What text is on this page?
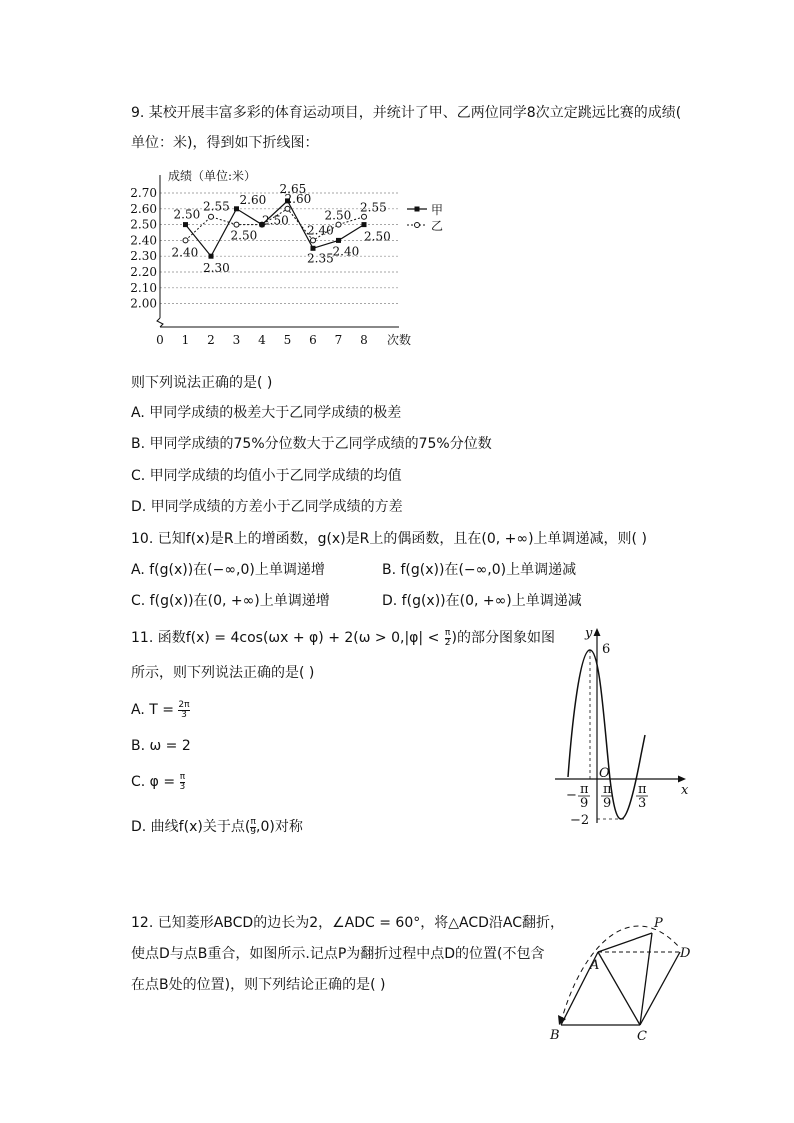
9. 某校开展丰富多彩的体育运动项目，并统计了甲、乙两位同学8次立定跳远比赛的成绩(
单位：米)，得到如下折线图：
2.00
2.10
2.20
2.30
2.40
2.50
2.60
2.70
0 1 2 3 4 5 6 7 8 次数
成绩（单位:米）
2.50
2.40
2.30
2.55 2.60
2.50
2.50
2.65
2.60
2.35
2.40
2.40
2.50
2.50
2.55	甲
乙
则下列说法正确的是( )
A. 甲同学成绩的极差大于乙同学成绩的极差
B. 甲同学成绩的75%分位数大于乙同学成绩的75%分位数
C. 甲同学成绩的均值小于乙同学成绩的均值
D. 甲同学成绩的方差小于乙同学成绩的方差
10. 已知f(x)是R上的增函数，g(x)是R上的偶函数，且在(0, +∞)上单调递减，则( )
A. f(g(x))在(−∞,0)上单调递增	B. f(g(x))在(−∞,0)上单调递减
C. f(g(x))在(0, +∞)上单调递增	D. f(g(x))在(0, +∞)上单调递减
11. 函数$f(x) = 4\cos(\omega x + \varphi) + 2(\omega > 0,|\varphi| < \frac{\pi}{2}$ )的部分图象如图
所示，则下列说法正确的是( )
A. $T = \frac{2\pi}{3}$
B. ω = 2
C. $\varphi = \frac{\pi}{3}$
D. 曲线f(x)关于点( $\frac{\pi}{9} ,0$)对称
y
x
O
6
−2
− π
9
π
9
π
3
12. 已知菱形ABCD的边长为2，∠ADC = 60°，将△ACD沿AC翻折，
使点D与点B重合，如图所示.记点P为翻折过程中点D的位置(不包含
在点B处的位置)，则下列结论正确的是( )
A
B	C
D
P
